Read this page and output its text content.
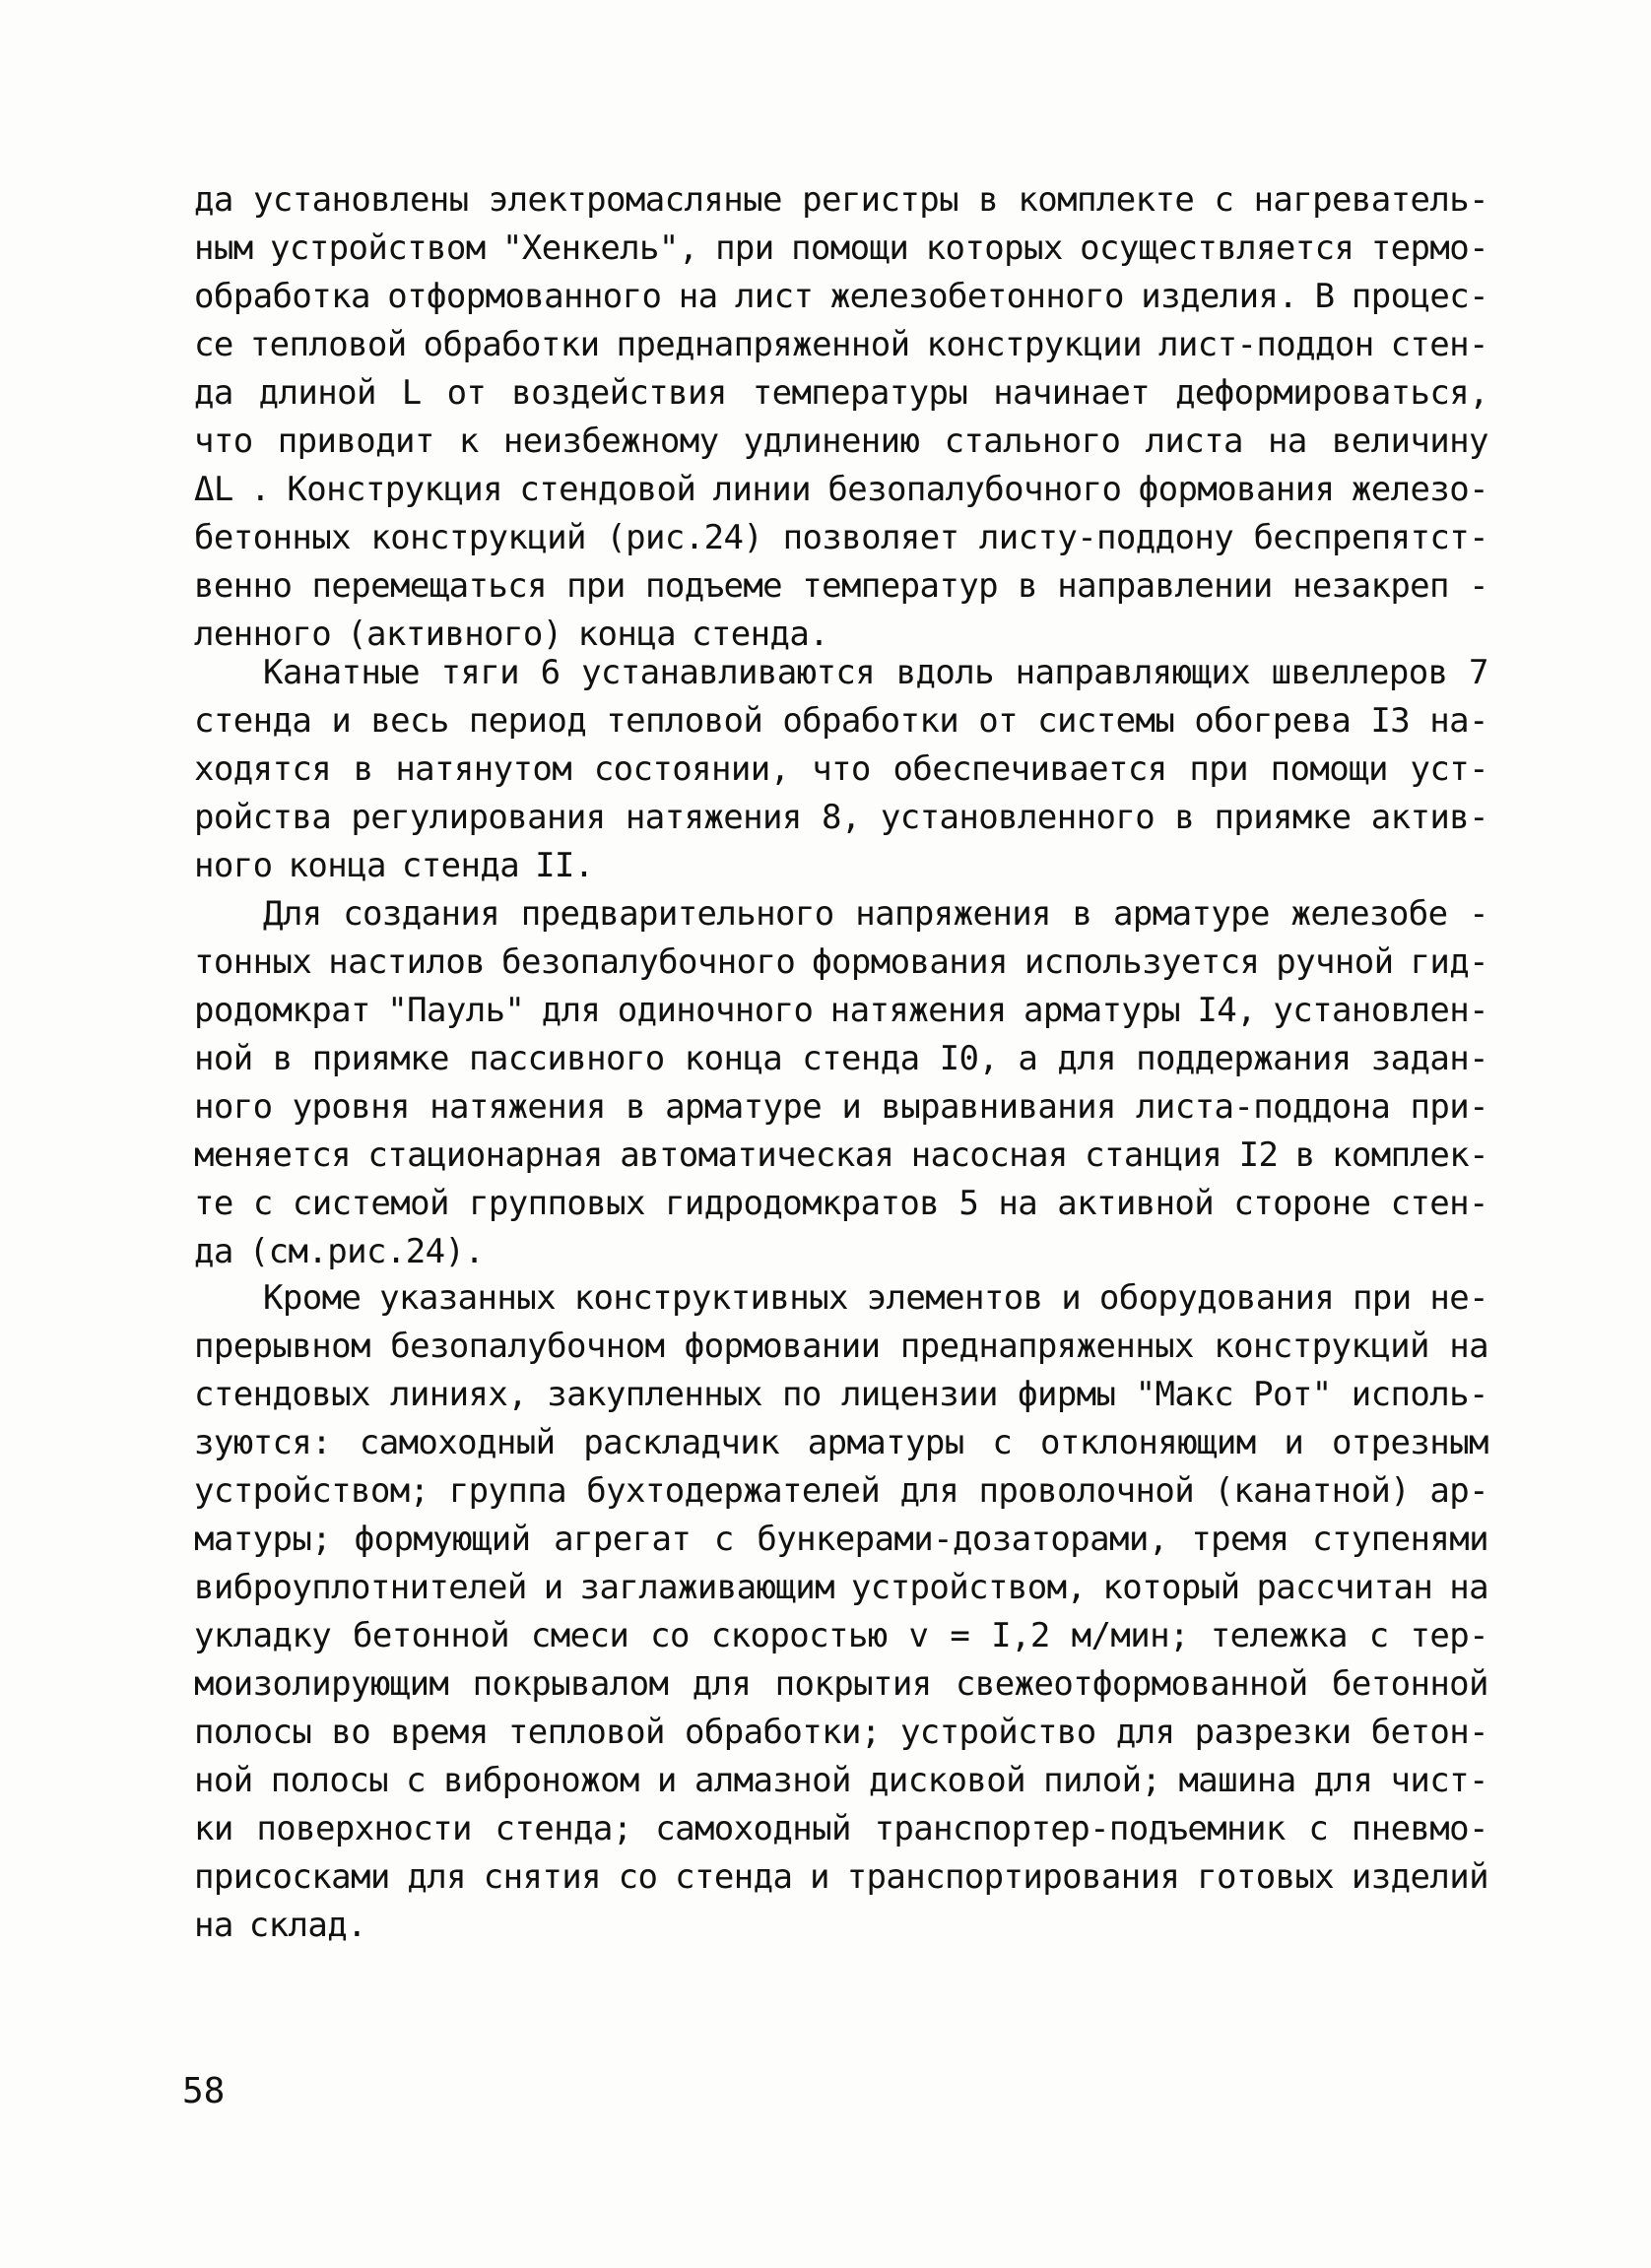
да установлены электромасляные регистры в комплекте с нагреватель-
ным устройством "Хенкель", при помощи которых осуществляется термо-
обработка отформованного на лист железобетонного изделия. В процес-
се тепловой обработки преднапряженной конструкции лист-поддон стен-
да длиной L от воздействия температуры начинает деформироваться,
что приводит к неизбежному удлинению стального листа на величину
ΔL . Конструкция стендовой линии безопалубочного формования железо-
бетонных конструкций (рис.24) позволяет листу-поддону беспрепятст-
венно перемещаться при подъеме температур в направлении незакреп -
ленного (активного) конца стенда.
Канатные тяги 6 устанавливаются вдоль направляющих швеллеров 7
стенда и весь период тепловой обработки от системы обогрева I3 на-
ходятся в натянутом состоянии, что обеспечивается при помощи уст-
ройства регулирования натяжения 8, установленного в приямке актив-
ного конца стенда II.
Для создания предварительного напряжения в арматуре железобе -
тонных настилов безопалубочного формования используется ручной гид-
родомкрат "Пауль" для одиночного натяжения арматуры I4, установлен-
ной в приямке пассивного конца стенда I0, а для поддержания задан-
ного уровня натяжения в арматуре и выравнивания листа-поддона при-
меняется стационарная автоматическая насосная станция I2 в комплек-
те с системой групповых гидродомкратов 5 на активной стороне стен-
да (см.рис.24).
Кроме указанных конструктивных элементов и оборудования при не-
прерывном безопалубочном формовании преднапряженных конструкций на
стендовых линиях, закупленных по лицензии фирмы "Макс Рот" исполь-
зуются: самоходный раскладчик арматуры с отклоняющим и отрезным
устройством; группа бухтодержателей для проволочной (канатной) ар-
матуры; формующий агрегат с бункерами-дозаторами, тремя ступенями
виброуплотнителей и заглаживающим устройством, который рассчитан на
укладку бетонной смеси со скоростью v = I,2 м/мин; тележка с тер-
моизолирующим покрывалом для покрытия свежеотформованной бетонной
полосы во время тепловой обработки; устройство для разрезки бетон-
ной полосы с виброножом и алмазной дисковой пилой; машина для чист-
ки поверхности стенда; самоходный транспортер-подъемник с пневмо-
присосками для снятия со стенда и транспортирования готовых изделий
на склад.
58
